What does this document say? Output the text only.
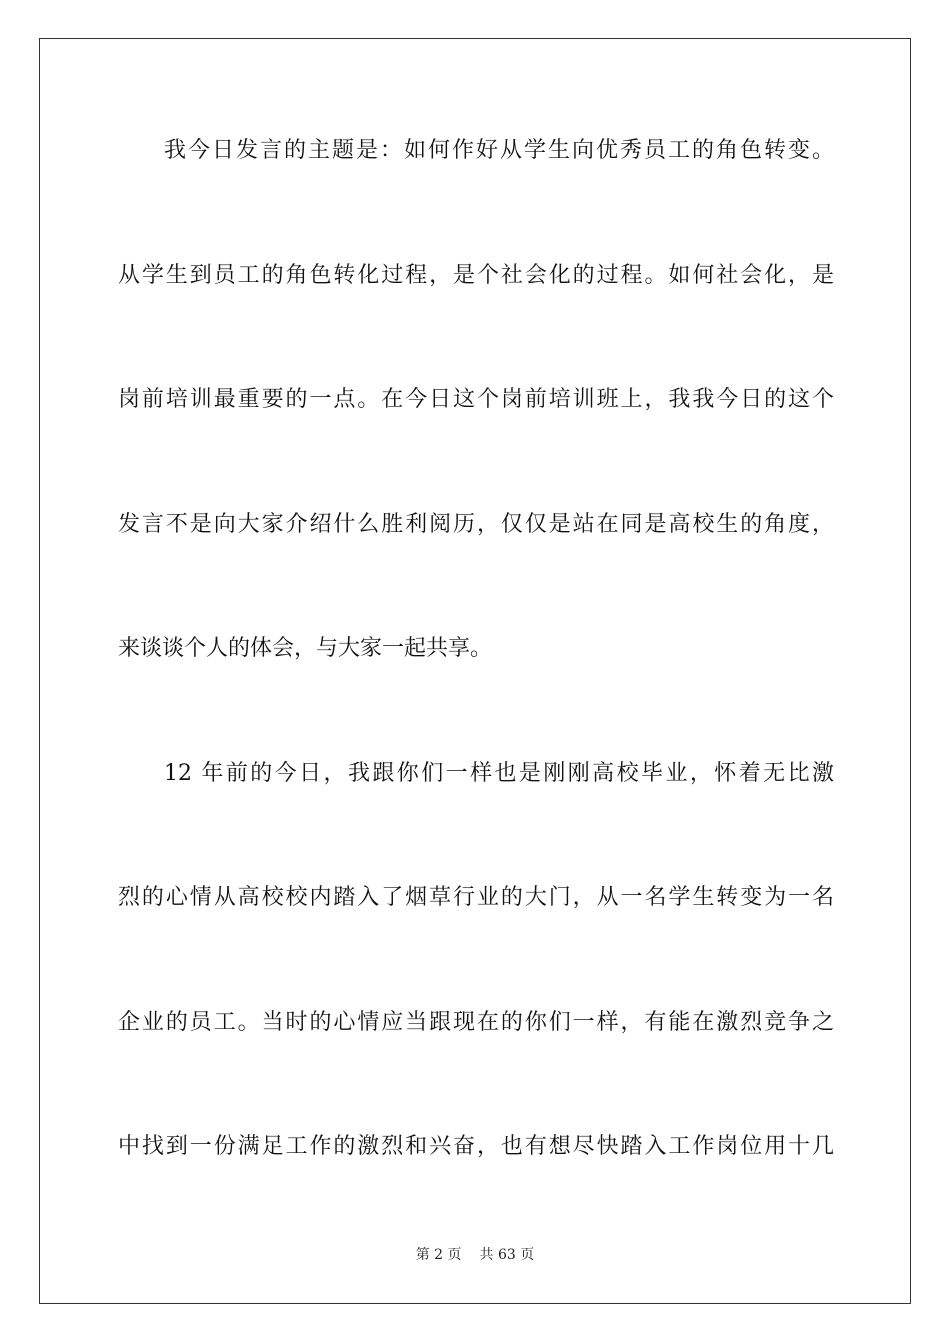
我今日发言的主题是：如何作好从学生向优秀员工的角色转变。
从学生到员工的角色转化过程，是个社会化的过程。如何社会化，是
岗前培训最重要的一点。在今日这个岗前培训班上，我我今日的这个
发言不是向大家介绍什么胜利阅历，仅仅是站在同是高校生的角度，
来谈谈个人的体会，与大家一起共享。
12 年前的今日，我跟你们一样也是刚刚高校毕业，怀着无比激
烈的心情从高校校内踏入了烟草行业的大门，从一名学生转变为一名
企业的员工。当时的心情应当跟现在的你们一样，有能在激烈竞争之
中找到一份满足工作的激烈和兴奋，也有想尽快踏入工作岗位用十几
第 2 页 共 63 页
